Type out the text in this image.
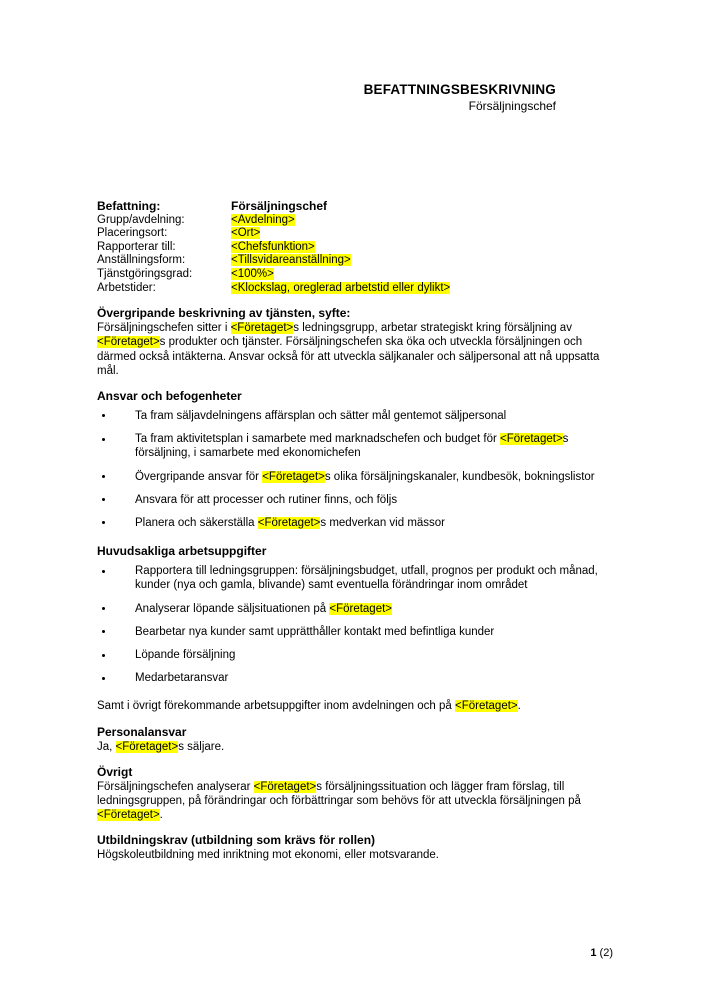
BEFATTNINGSBESKRIVNING
Försäljningschef
Befattning:	Försäljningschef
Grupp/avdelning:	<Avdelning>
Placeringsort:	<Ort>
Rapporterar till:	<Chefsfunktion>
Anställningsform:	<Tillsvidareanställning>
Tjänstgöringsgrad:	<100%>
Arbetstider:	<Klockslag, oreglerad arbetstid eller dylikt>
Övergripande beskrivning av tjänsten, syfte:

Försäljningschefen sitter i <Företaget>s ledningsgrupp, arbetar strategiskt kring försäljning av <Företaget>s produkter och tjänster. Försäljningschefen ska öka och utveckla försäljningen och därmed också intäkterna. Ansvar också för att utveckla säljkanaler och säljpersonal att nå uppsatta mål.

Ansvar och befogenheter
Ta fram säljavdelningens affärsplan och sätter mål gentemot säljpersonal
Ta fram aktivitetsplan i samarbete med marknadschefen och budget för <Företaget>s försäljning, i samarbete med ekonomichefen
Övergripande ansvar för <Företaget>s olika försäljningskanaler, kundbesök, bokningslistor
Ansvara för att processer och rutiner finns, och följs
Planera och säkerställa <Företaget>s medverkan vid mässor
Huvudsakliga arbetsuppgifter
Rapportera till ledningsgruppen: försäljningsbudget, utfall, prognos per produkt och månad, kunder (nya och gamla, blivande) samt eventuella förändringar inom området
Analyserar löpande säljsituationen på <Företaget>
Bearbetar nya kunder samt upprätthåller kontakt med befintliga kunder
Löpande försäljning
Medarbetaransvar

Samt i övrigt förekommande arbetsuppgifter inom avdelningen och på <Företaget>.

Personalansvar

Ja, <Företaget>s säljare.

Övrigt

Försäljningschefen analyserar <Företaget>s försäljningssituation och lägger fram förslag, till ledningsgruppen, på förändringar och förbättringar som behövs för att utveckla försäljningen på <Företaget>.

Utbildningskrav (utbildning som krävs för rollen)

Högskoleutbildning med inriktning mot ekonomi, eller motsvarande.

1 (2)
